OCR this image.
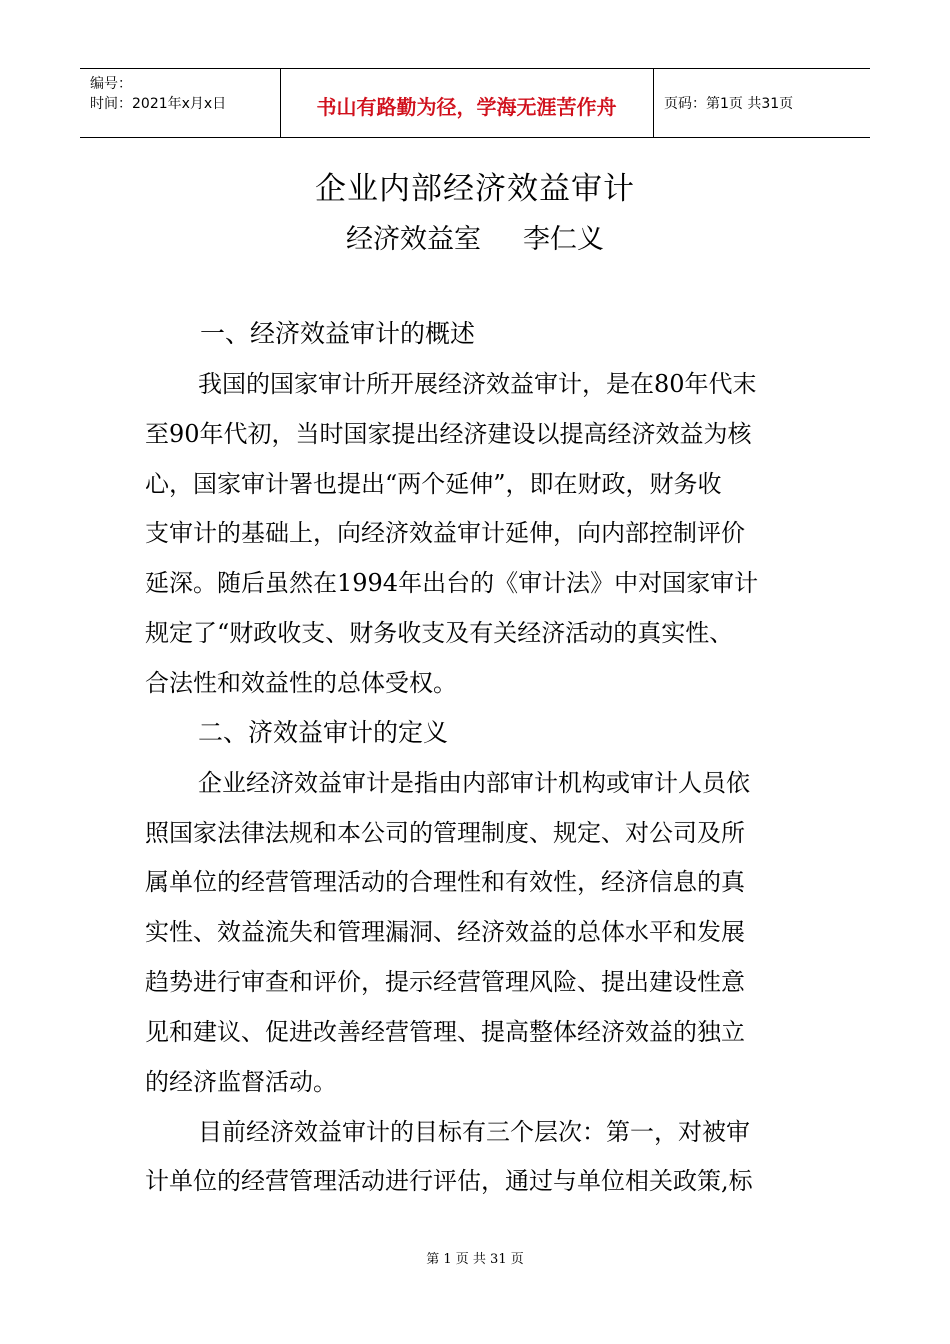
编号：
时间：2021年x月x日	书山有路勤为径，学海无涯苦作舟	页码：第1页 共31页
企业内部经济效益审计
经济效益室 李仁义
一、经济效益审计的概述
我国的国家审计所开展经济效益审计，是在80年代末
至90年代初，当时国家提出经济建设以提高经济效益为核
心，国家审计署也提出“两个延伸”，即在财政，财务收
支审计的基础上，向经济效益审计延伸，向内部控制评价
延深。随后虽然在1994年出台的《审计法》中对国家审计
规定了“财政收支、财务收支及有关经济活动的真实性、
合法性和效益性的总体受权。
二、济效益审计的定义
企业经济效益审计是指由内部审计机构或审计人员依
照国家法律法规和本公司的管理制度、规定、对公司及所
属单位的经营管理活动的合理性和有效性，经济信息的真
实性、效益流失和管理漏洞、经济效益的总体水平和发展
趋势进行审查和评价，提示经营管理风险、提出建设性意
见和建议、促进改善经营管理、提高整体经济效益的独立
的经济监督活动。
目前经济效益审计的目标有三个层次：第一，对被审
计单位的经营管理活动进行评估，通过与单位相关政策,标
第 1 页 共 31 页
